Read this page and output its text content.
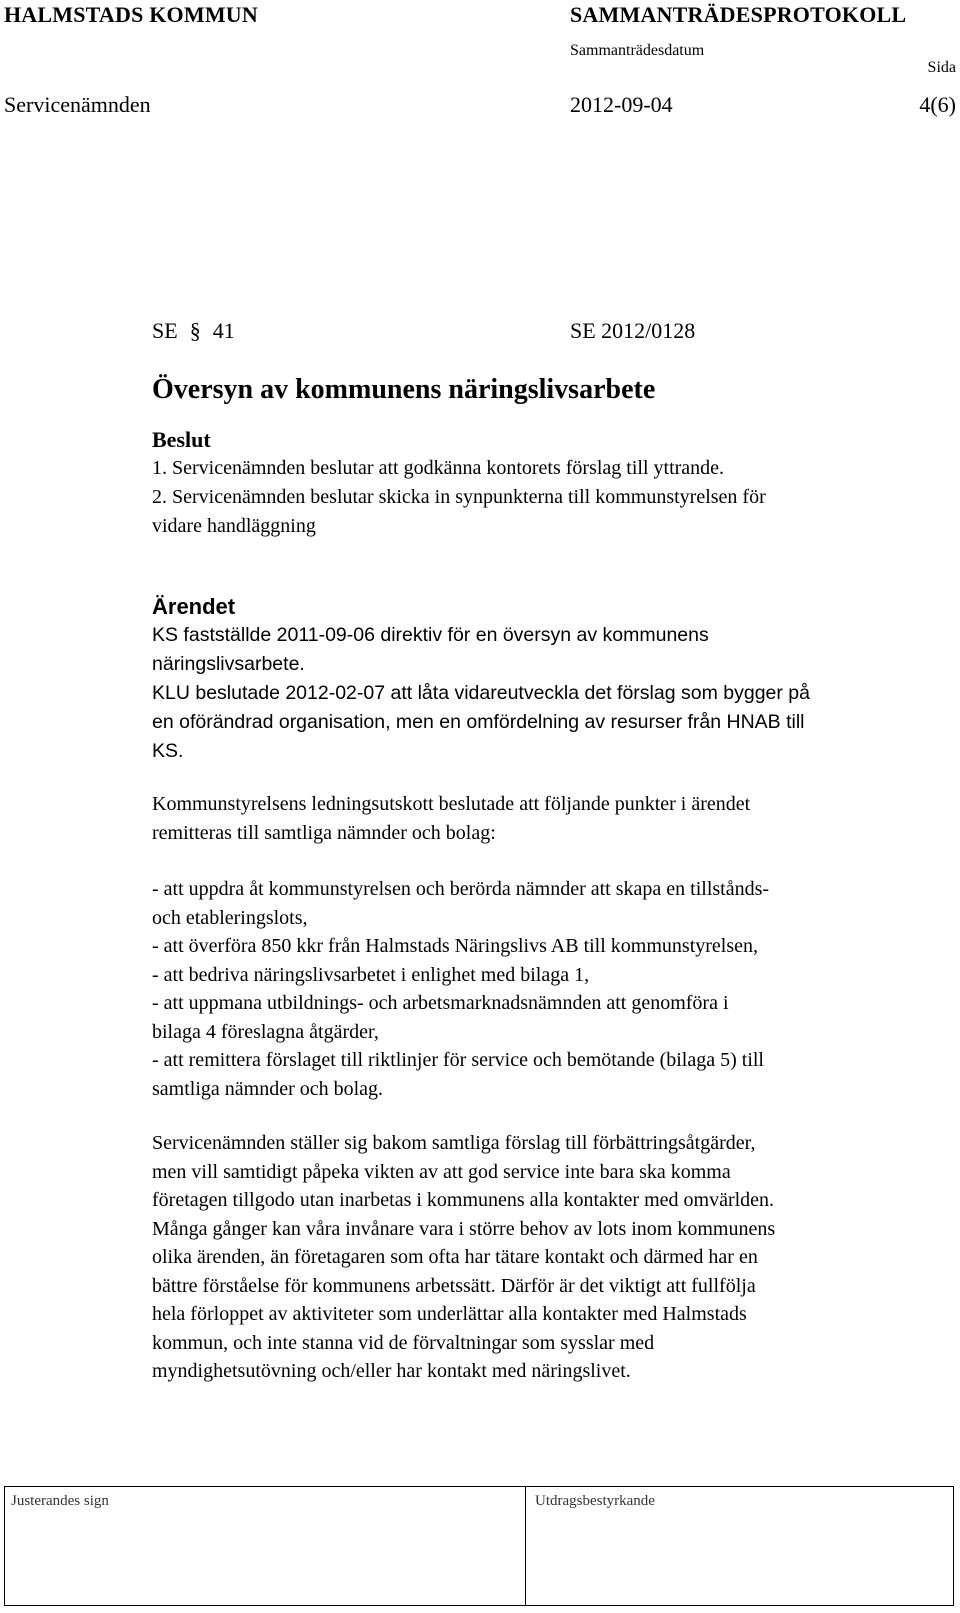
HALMSTADS KOMMUN	SAMMANTRÄDESPROTOKOLL
Sammanträdesdatum
Sida
Servicenämnden	2012-09-04	4(6)
SE § 41	SE 2012/0128
Översyn av kommunens näringslivsarbete
Beslut
1. Servicenämnden beslutar att godkänna kontorets förslag till yttrande.
2. Servicenämnden beslutar skicka in synpunkterna till kommunstyrelsen för
vidare handläggning
Ärendet
KS fastställde 2011-09-06 direktiv för en översyn av kommunens
näringslivsarbete.
KLU beslutade 2012-02-07 att låta vidareutveckla det förslag som bygger på
en oförändrad organisation, men en omfördelning av resurser från HNAB till
KS.
Kommunstyrelsens ledningsutskott beslutade att följande punkter i ärendet
remitteras till samtliga nämnder och bolag:
- att uppdra åt kommunstyrelsen och berörda nämnder att skapa en tillstånds-
och etableringslots,
- att överföra 850 kkr från Halmstads Näringslivs AB till kommunstyrelsen,
- att bedriva näringslivsarbetet i enlighet med bilaga 1,
- att uppmana utbildnings- och arbetsmarknadsnämnden att genomföra i
bilaga 4 föreslagna åtgärder,
- att remittera förslaget till riktlinjer för service och bemötande (bilaga 5) till
samtliga nämnder och bolag.
Servicenämnden ställer sig bakom samtliga förslag till förbättringsåtgärder,
men vill samtidigt påpeka vikten av att god service inte bara ska komma
företagen tillgodo utan inarbetas i kommunens alla kontakter med omvärlden.
Många gånger kan våra invånare vara i större behov av lots inom kommunens
olika ärenden, än företagaren som ofta har tätare kontakt och därmed har en
bättre förståelse för kommunens arbetssätt. Därför är det viktigt att fullfölja
hela förloppet av aktiviteter som underlättar alla kontakter med Halmstads
kommun, och inte stanna vid de förvaltningar som sysslar med
myndighetsutövning och/eller har kontakt med näringslivet.
Justerandes sign	Utdragsbestyrkande
